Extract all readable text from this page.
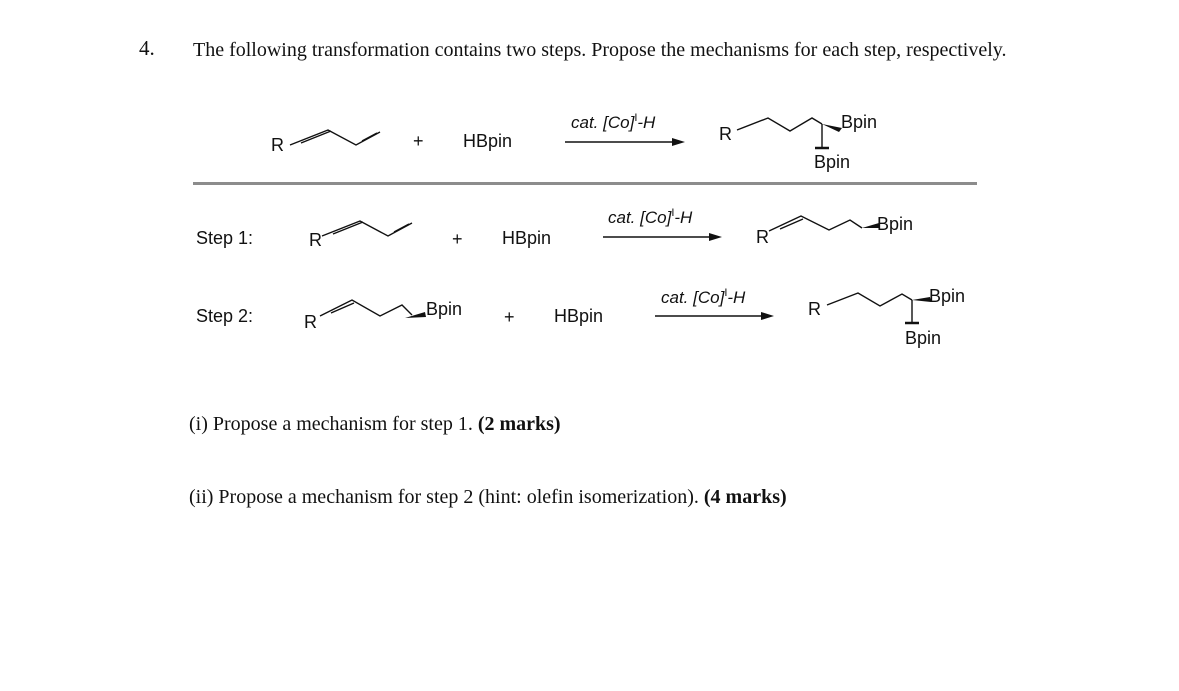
4. The following transformation contains two steps. Propose the mechanisms for each step, respectively.
R	+ HBpin
cat. $[Co]^I-H$
R
Bpin
Bpin
Step 1:	R	+ HBpin
cat. $[Co]^I-H$
R
Bpin
Step 2:	R
Bpin + HBpin
cat. $[Co]^I-H$
R
Bpin
Bpin
(i) Propose a mechanism for step 1. (2 marks)
(ii) Propose a mechanism for step 2 (hint: olefin isomerization). (4 marks)
